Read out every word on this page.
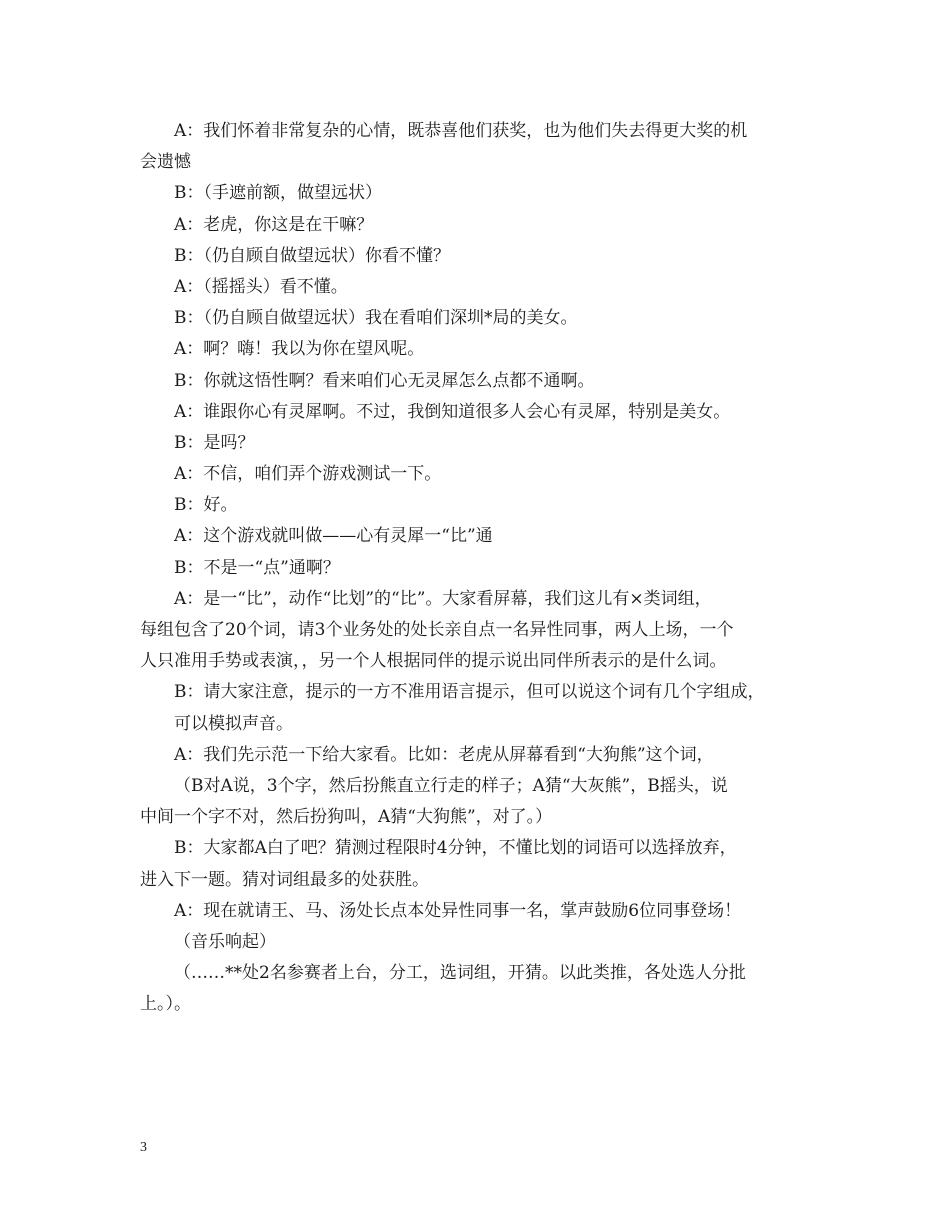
A：我们怀着非常复杂的心情，既恭喜他们获奖，也为他们失去得更大奖的机
会遗憾
B：（手遮前额，做望远状）
A：老虎，你这是在干嘛？
B：（仍自顾自做望远状）你看不懂？
A：（摇摇头）看不懂。
B：（仍自顾自做望远状）我在看咱们深圳*局的美女。
A：啊？嗨！我以为你在望风呢。
B：你就这悟性啊？看来咱们心无灵犀怎么点都不通啊。
A：谁跟你心有灵犀啊。不过，我倒知道很多人会心有灵犀，特别是美女。
B：是吗？
A：不信，咱们弄个游戏测试一下。
B：好。
A：这个游戏就叫做——心有灵犀一“比”通
B：不是一“点”通啊？
A：是一“比”，动作“比划”的“比”。大家看屏幕，我们这儿有×类词组，
每组包含了20个词，请3个业务处的处长亲自点一名异性同事，两人上场，一个
人只准用手势或表演，，另一个人根据同伴的提示说出同伴所表示的是什么词。
B：请大家注意，提示的一方不准用语言提示，但可以说这个词有几个字组成，
可以模拟声音。
A：我们先示范一下给大家看。比如：老虎从屏幕看到“大狗熊”这个词，
（B对A说，3个字，然后扮熊直立行走的样子；A猜“大灰熊”，B摇头，说
中间一个字不对，然后扮狗叫，A猜“大狗熊”，对了。）
B：大家都A白了吧？猜测过程限时4分钟，不懂比划的词语可以选择放弃，
进入下一题。猜对词组最多的处获胜。
A：现在就请王、马、汤处长点本处异性同事一名，掌声鼓励6位同事登场！
（音乐响起）
（……**处2名参赛者上台，分工，选词组，开猜。以此类推，各处选人分批
上。）。
3
